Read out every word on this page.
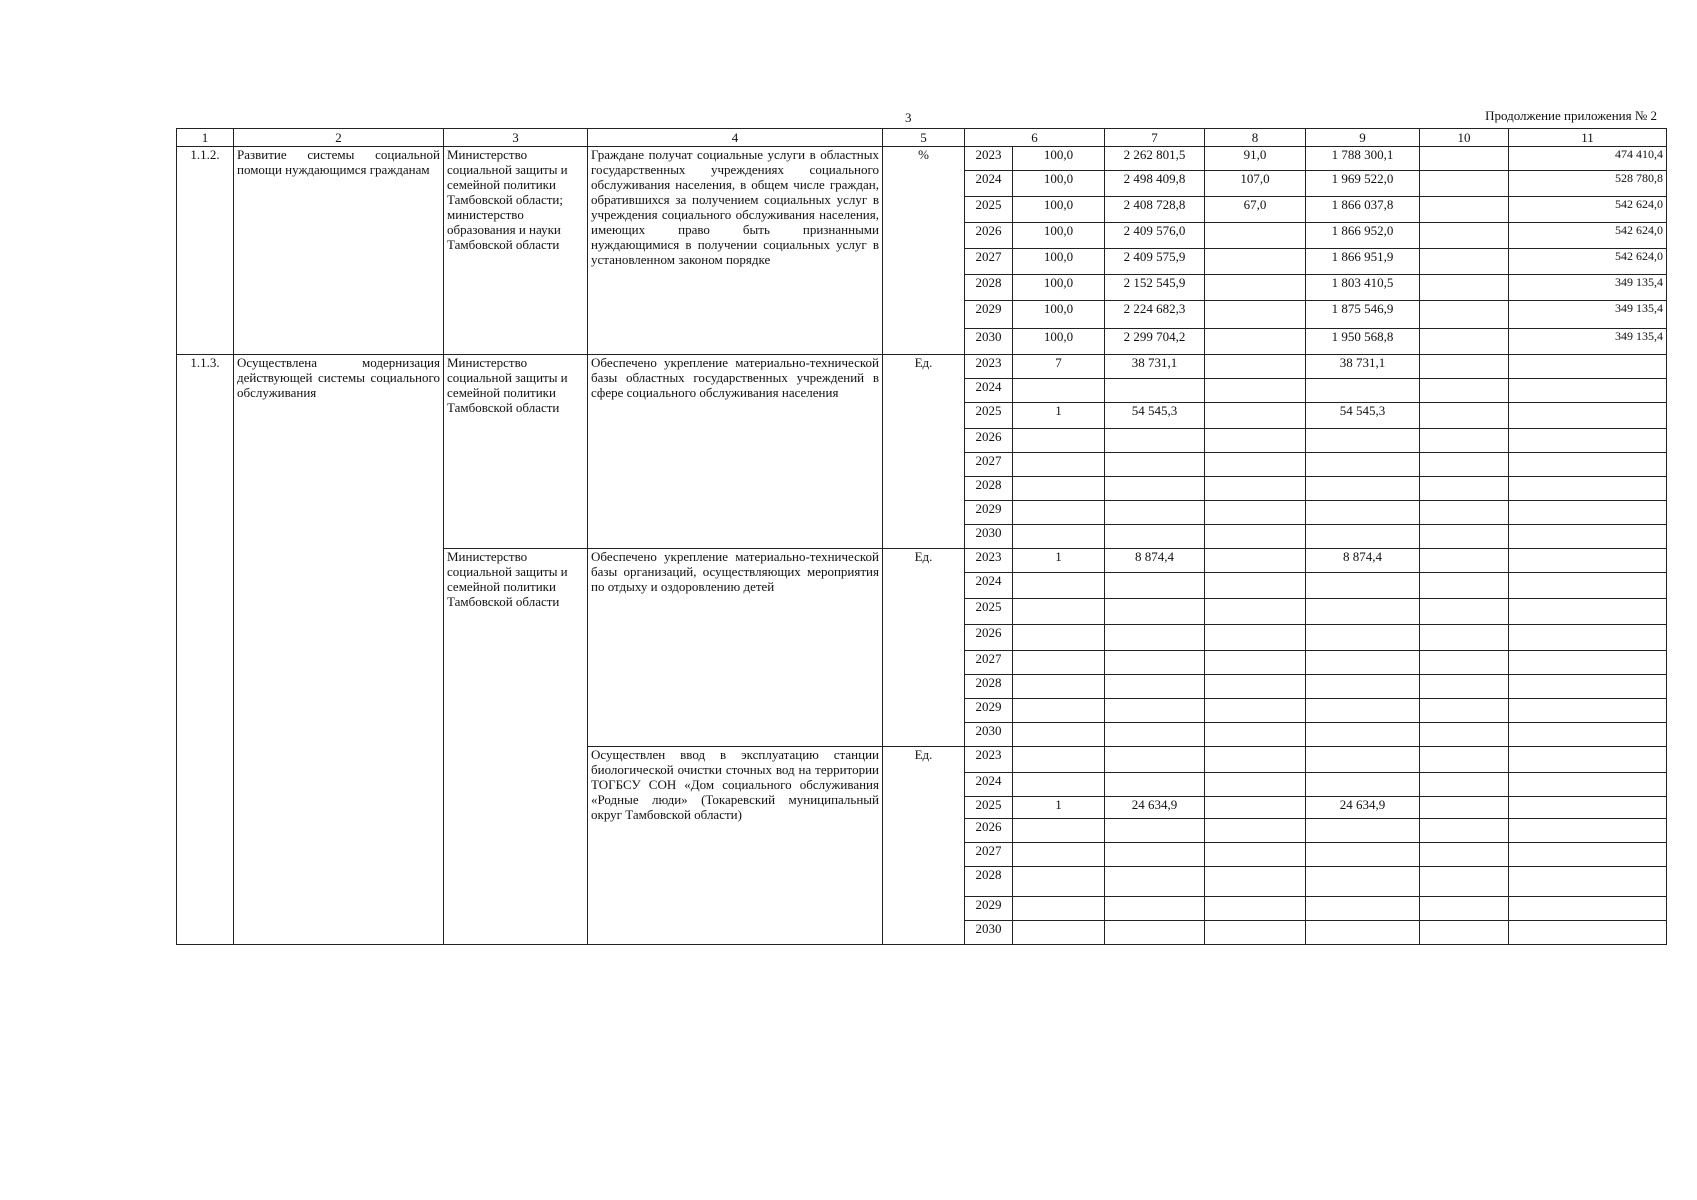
3	Продолжение приложения № 2
1	2	3	4	5	6		7	8	9	10	11
1.1.2.	Развитие системы социальной помощи нуждающимся гражданам	Министерство социальной защиты и семейной политики Тамбовской области; министерство образования и науки Тамбовской области	Граждане получат социальные услуги в областных государственных учреждениях социального обслуживания населения, в общем числе граждан, обратившихся за получением социальных услуг в учреждения социального обслуживания населения, имеющих право быть признанными нуждающимися в получении социальных услуг в установленном законом порядке	%	2023	100,0	2 262 801,5	91,0	1 788 300,1		474 410,4
					2024	100,0	2 498 409,8	107,0	1 969 522,0		528 780,8
					2025	100,0	2 408 728,8	67,0	1 866 037,8		542 624,0
					2026	100,0	2 409 576,0		1 866 952,0		542 624,0
					2027	100,0	2 409 575,9		1 866 951,9		542 624,0
					2028	100,0	2 152 545,9		1 803 410,5		349 135,4
					2029	100,0	2 224 682,3		1 875 546,9		349 135,4
					2030	100,0	2 299 704,2		1 950 568,8		349 135,4
1.1.3.	Осуществлена модернизация действующей системы социального обслуживания	Министерство социальной защиты и семейной политики Тамбовской области	Обеспечено укрепление материально-технической базы областных государственных учреждений в сфере социального обслуживания населения	Ед.	2023	7	38 731,1		38 731,1		
					2024						
					2025	1	54 545,3		54 545,3		
					2026						
					2027						
					2028						
					2029						
					2030						
		Министерство социальной защиты и семейной политики Тамбовской области	Обеспечено укрепление материально-технической базы организаций, осуществляющих мероприятия по отдыху и оздоровлению детей	Ед.	2023	1	8 874,4		8 874,4		
					2024						
					2025						
					2026						
					2027						
					2028						
					2029						
					2030						
			Осуществлен ввод в эксплуатацию станции биологической очистки сточных вод на территории ТОГБСУ СОН «Дом социального обслуживания «Родные люди» (Токаревский муниципальный округ Тамбовской области)	Ед.	2023						
					2024						
					2025	1	24 634,9		24 634,9		
					2026						
					2027						
					2028						
					2029						
					2030						
